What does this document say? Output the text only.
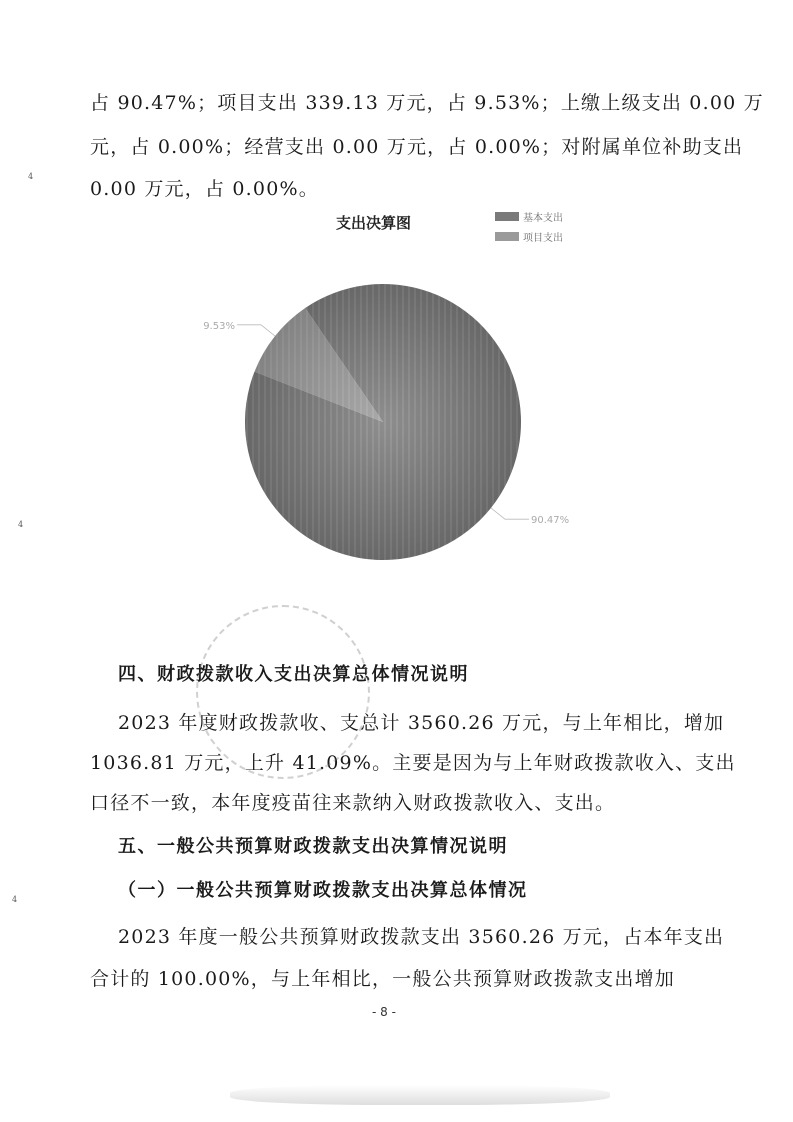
占 90.47%；项目支出 339.13 万元，占 9.53%；上缴上级支出 0.00 万
元，占 0.00%；经营支出 0.00 万元，占 0.00%；对附属单位补助支出
0.00 万元，占 0.00%。
4
4
4
支出决算图	基本支出
项目支出
90.47%
9.53%
四、财政拨款收入支出决算总体情况说明
2023 年度财政拨款收、支总计 3560.26 万元，与上年相比，增加
1036.81 万元，上升 41.09%。主要是因为与上年财政拨款收入、支出
口径不一致，本年度疫苗往来款纳入财政拨款收入、支出。
五、一般公共预算财政拨款支出决算情况说明
（一）一般公共预算财政拨款支出决算总体情况
2023 年度一般公共预算财政拨款支出 3560.26 万元，占本年支出
合计的 100.00%，与上年相比，一般公共预算财政拨款支出增加
- 8 -
